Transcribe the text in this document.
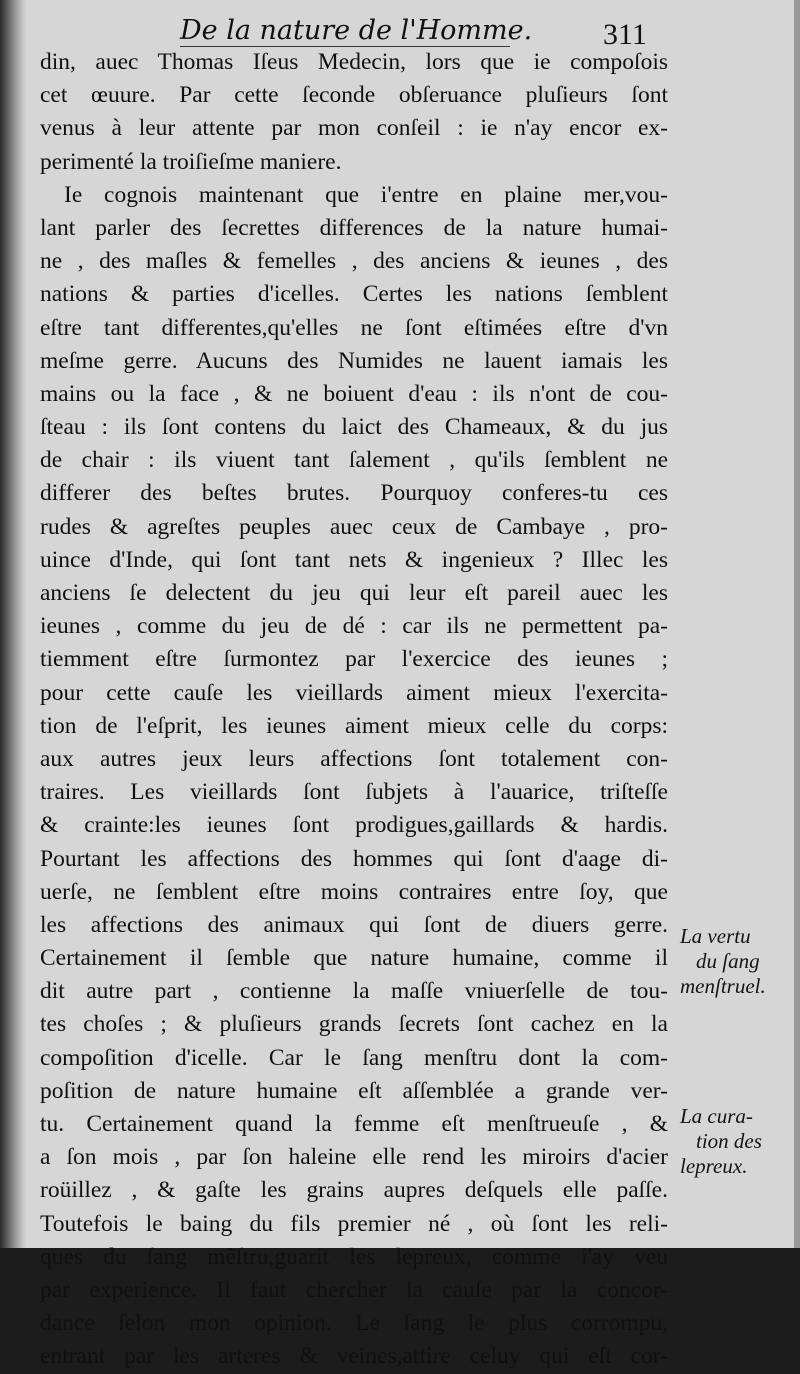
De la nature de l'Homme. 311
din, auec Thomas Iſeus Medecin, lors que ie compoſois
cet œuure. Par cette ſeconde obſeruance pluſieurs ſont
venus à leur attente par mon conſeil : ie n'ay encor ex-
perimenté la troiſieſme maniere.
Ie cognois maintenant que i'entre en plaine mer,vou-
lant parler des ſecrettes differences de la nature humai-
ne , des maſles & femelles , des anciens & ieunes , des
nations & parties d'icelles. Certes les nations ſemblent
eſtre tant differentes,qu'elles ne ſont eſtimées eſtre d'vn
meſme gerre. Aucuns des Numides ne lauent iamais les
mains ou la face , & ne boiuent d'eau : ils n'ont de cou-
ſteau : ils ſont contens du laict des Chameaux, & du jus
de chair : ils viuent tant ſalement , qu'ils ſemblent ne
differer des beſtes brutes. Pourquoy conferes-tu ces
rudes & agreſtes peuples auec ceux de Cambaye , pro-
uince d'Inde, qui ſont tant nets & ingenieux ? Illec les
anciens ſe delectent du jeu qui leur eſt pareil auec les
ieunes , comme du jeu de dé : car ils ne permettent pa-
tiemment eſtre ſurmontez par l'exercice des ieunes ;
pour cette cauſe les vieillards aiment mieux l'exercita-
tion de l'eſprit, les ieunes aiment mieux celle du corps:
aux autres jeux leurs affections ſont totalement con-
traires. Les vieillards ſont ſubjets à l'auarice, triſteſſe
& crainte:les ieunes ſont prodigues,gaillards & hardis.
Pourtant les affections des hommes qui ſont d'aage di-
uerſe, ne ſemblent eſtre moins contraires entre ſoy, que
les affections des animaux qui ſont de diuers gerre.
Certainement il ſemble que nature humaine, comme il
dit autre part , contienne la maſſe vniuerſelle de tou-
tes choſes ; & pluſieurs grands ſecrets ſont cachez en la
compoſition d'icelle. Car le ſang menſtru dont la com-
poſition de nature humaine eſt aſſemblée a grande ver-
tu. Certainement quand la femme eſt menſtrueuſe , &
a ſon mois , par ſon haleine elle rend les miroirs d'acier
roüillez , & gaſte les grains aupres deſquels elle paſſe.
Toutefois le baing du fils premier né , où ſont les reli-
ques du ſang mẽſtru,guarit les lepreux, comme i'ay veu
par experience. Il faut chercher la cauſe par la concor-
dance ſelon mon opinion. Le ſang le plus corrompu,
entrant par les arteres & veines,attire celuy qui eſt cor-
La vertu
du ſang
menſtruel.
La cura-
tion des
lepreux.
